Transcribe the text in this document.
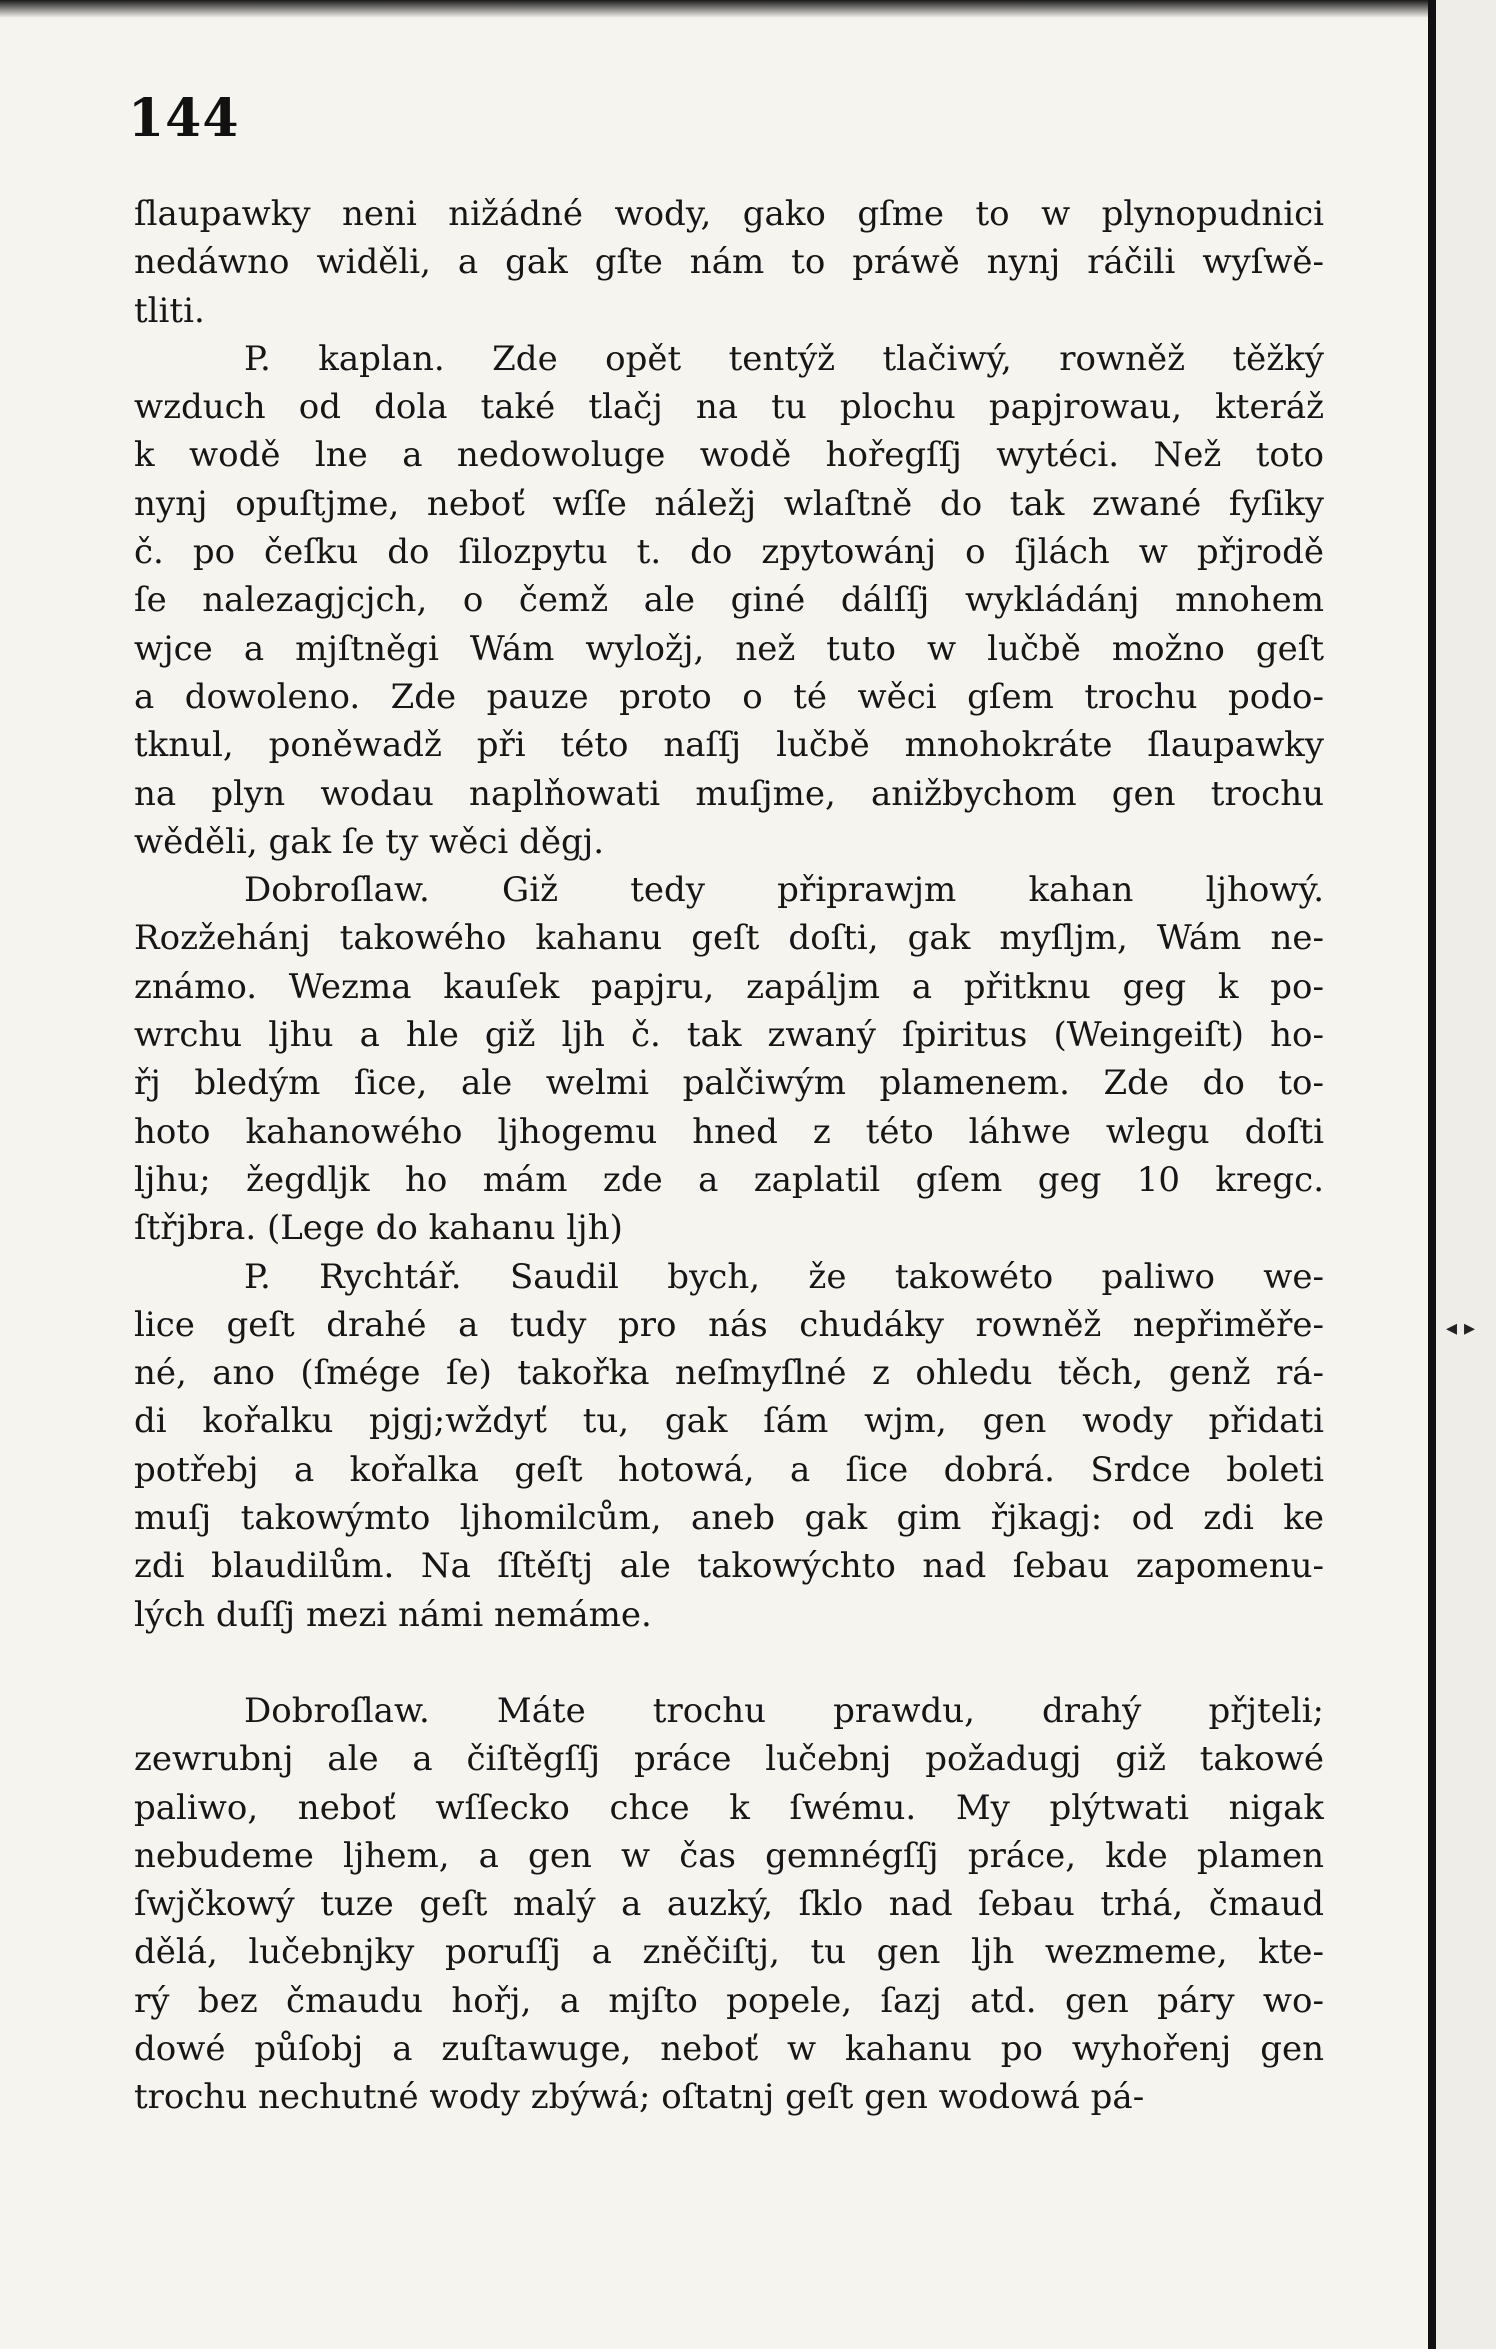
144
ſlaupawky neni nižádné wody, gako gſme to w plynopudnici
nedáwno widěli, a gak gſte nám to práwě nynj ráčili wyſwě-
tliti.
P. kaplan. Zde opět tentýž tlačiwý, rowněž těžký
wzduch od dola také tlačj na tu plochu papjrowau, kteráž
k wodě lne a nedowoluge wodě hořegſſj wytéci. Než toto
nynj opuſtjme, neboť wſſe náležj wlaſtně do tak zwané fyſiky
č. po čeſku do ſilozpytu t. do zpytowánj o ſjlách w přjrodě
ſe nalezagjcjch, o čemž ale giné dálſſj wykládánj mnohem
wjce a mjſtněgi Wám wyložj, než tuto w lučbě možno geſt
a dowoleno. Zde pauze proto o té wěci gſem trochu podo-
tknul, poněwadž při této naſſj lučbě mnohokráte ſlaupawky
na plyn wodau naplňowati muſjme, anižbychom gen trochu
wěděli, gak ſe ty wěci děgj.
Dobroſlaw. Giž tedy připrawjm kahan ljhowý.
Rozžehánj takowého kahanu geſt doſti, gak myſljm, Wám ne-
známo. Wezma kauſek papjru, zapáljm a přitknu geg k po-
wrchu ljhu a hle giž ljh č. tak zwaný ſpiritus (Weingeiſt) ho-
řj bledým ſice, ale welmi palčiwým plamenem. Zde do to-
hoto kahanowého ljhogemu hned z této láhwe wlegu doſti
ljhu; žegdljk ho mám zde a zaplatil gſem geg 10 kregc.
ſtřjbra. (Lege do kahanu ljh)
P. Rychtář. Saudil bych, že takowéto paliwo we-
lice geſt drahé a tudy pro nás chudáky rowněž nepřiměře-
né, ano (ſmége ſe) takořka neſmyſlné z ohledu těch, genž rá-
di kořalku pjgj;wždyť tu, gak ſám wjm, gen wody přidati
potřebj a kořalka geſt hotowá, a ſice dobrá. Srdce boleti
muſj takowýmto ljhomilcům, aneb gak gim řjkagj: od zdi ke
zdi blaudilům. Na ſſtěſtj ale takowýchto nad ſebau zapomenu-
lých duſſj mezi námi nemáme.
Dobroſlaw. Máte trochu prawdu, drahý přjteli;
zewrubnj ale a čiſtěgſſj práce lučebnj požadugj giž takowé
paliwo, neboť wſſecko chce k ſwému. My plýtwati nigak
nebudeme ljhem, a gen w čas gemnégſſj práce, kde plamen
ſwjčkowý tuze geſt malý a auzký, ſklo nad ſebau trhá, čmaud
dělá, lučebnjky poruſſj a zněčiſtj, tu gen ljh wezmeme, kte-
rý bez čmaudu hořj, a mjſto popele, ſazj atd. gen páry wo-
dowé půſobj a zuſtawuge, neboť w kahanu po wyhořenj gen
trochu nechutné wody zbýwá; oſtatnj geſt gen wodowá pá-
◂ ▸
